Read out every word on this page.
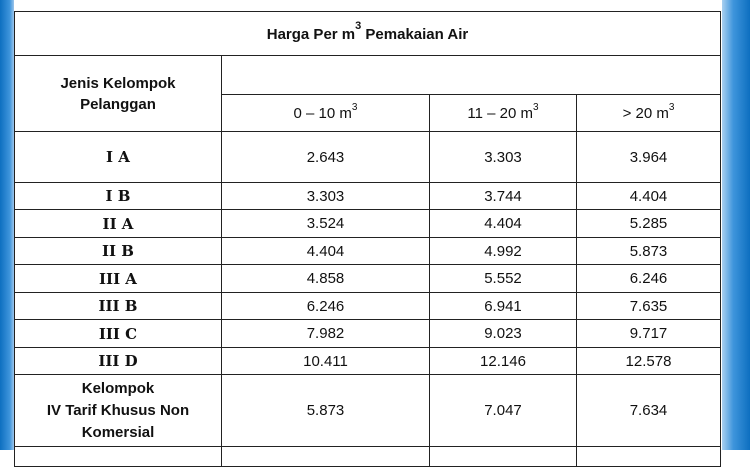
Harga Per $m^3$ Pemakaian Air			
Jenis Kelompok
Pelanggan			
	0 – 10 $m^3$	11 – 20 $m^3$	> 20 $m^3$
I A	2.643	3.303	3.964
I B	3.303	3.744	4.404
II A	3.524	4.404	5.285
II B	4.404	4.992	5.873
III A	4.858	5.552	6.246
III B	6.246	6.941	7.635
III C	7.982	9.023	9.717
III D	10.411	12.146	12.578
Kelompok
IV Tarif Khusus Non
Komersial	5.873	7.047	7.634
